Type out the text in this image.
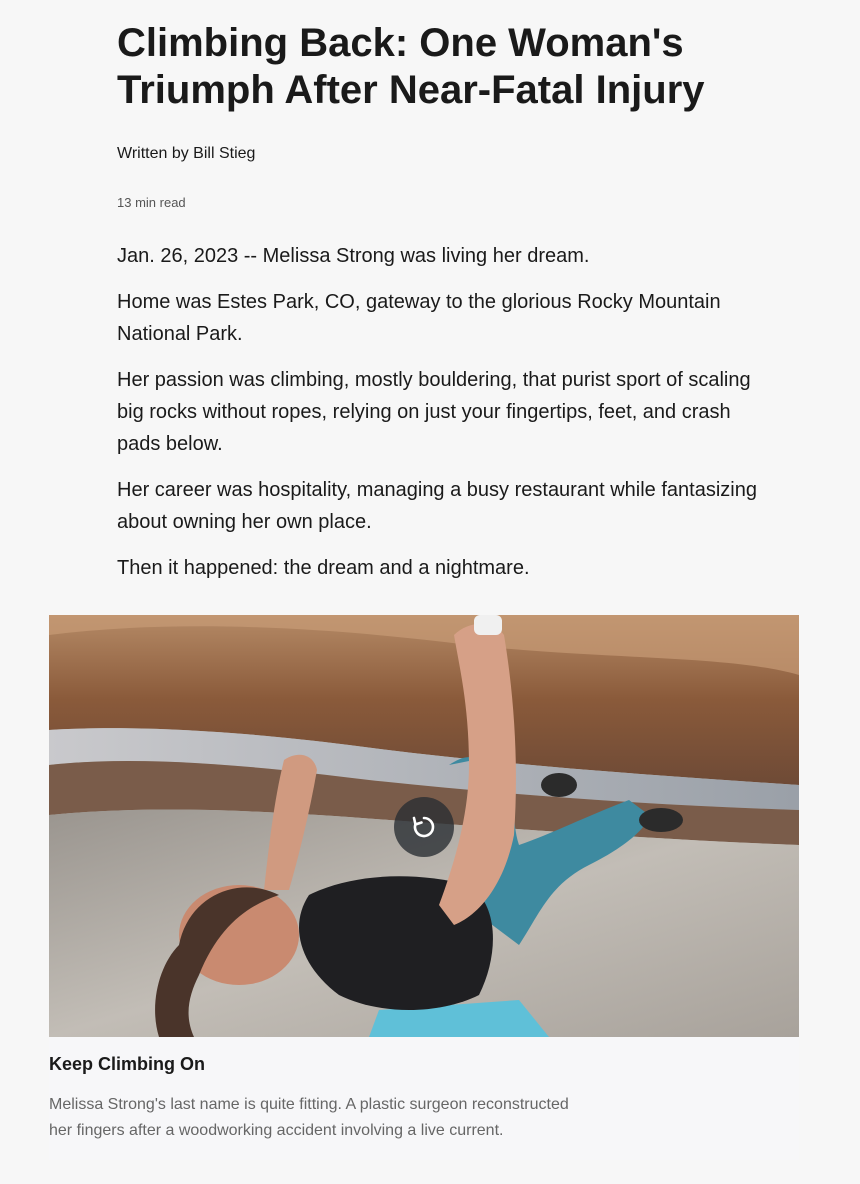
Climbing Back: One Woman's Triumph After Near-Fatal Injury
Written by Bill Stieg
13 min read

Jan. 26, 2023 -- Melissa Strong was living her dream.

Home was Estes Park, CO, gateway to the glorious Rocky Mountain National Park.

Her passion was climbing, mostly bouldering, that purist sport of scaling big rocks without ropes, relying on just your fingertips, feet, and crash pads below.

Her career was hospitality, managing a busy restaurant while fantasizing about owning her own place.

Then it happened: the dream and a nightmare.

Keep Climbing On
Melissa Strong's last name is quite fitting. A plastic surgeon reconstructed her fingers after a woodworking accident involving a live current.
